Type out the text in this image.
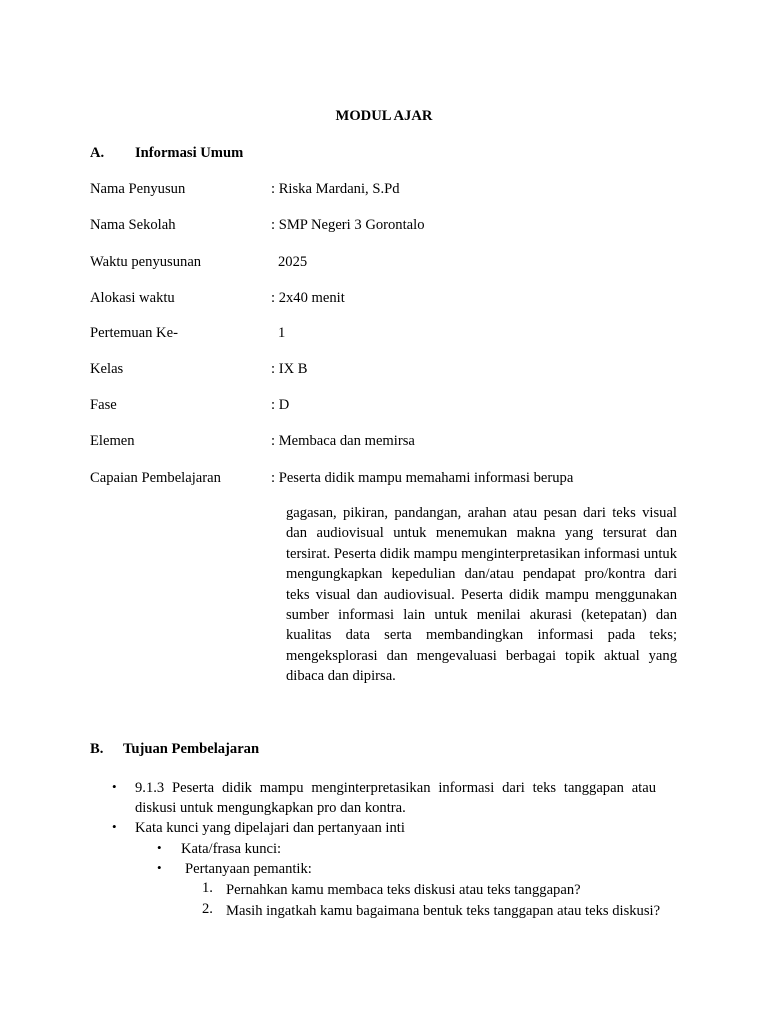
MODUL AJAR
A. Informasi Umum
Nama Penyusun	: Riska Mardani, S.Pd
Nama Sekolah	: SMP Negeri 3 Gorontalo
Waktu penyusunan	2025
Alokasi waktu	: 2x40 menit
Pertemuan Ke-	1
Kelas	: IX B
Fase	: D
Elemen	: Membaca dan memirsa
Capaian Pembelajaran	: Peserta didik mampu memahami informasi berupa
gagasan, pikiran, pandangan, arahan atau pesan dari teks visual dan audiovisual untuk menemukan makna yang tersurat dan tersirat. Peserta didik mampu menginterpretasikan informasi untuk mengungkapkan kepedulian dan/atau pendapat pro/kontra dari teks visual dan audiovisual. Peserta didik mampu menggunakan sumber informasi lain untuk menilai akurasi (ketepatan) dan kualitas data serta membandingkan informasi pada teks; mengeksplorasi dan mengevaluasi berbagai topik aktual yang dibaca dan dipirsa.
B. Tujuan Pembelajaran
• 9.1.3 Peserta didik mampu menginterpretasikan informasi dari teks tanggapan atau diskusi untuk mengungkapkan pro dan kontra.
• Kata kunci yang dipelajari dan pertanyaan inti
• Kata/frasa kunci:
• Pertanyaan pemantik:
1. Pernahkan kamu membaca teks diskusi atau teks tanggapan?
2. Masih ingatkah kamu bagaimana bentuk teks tanggapan atau teks diskusi?
